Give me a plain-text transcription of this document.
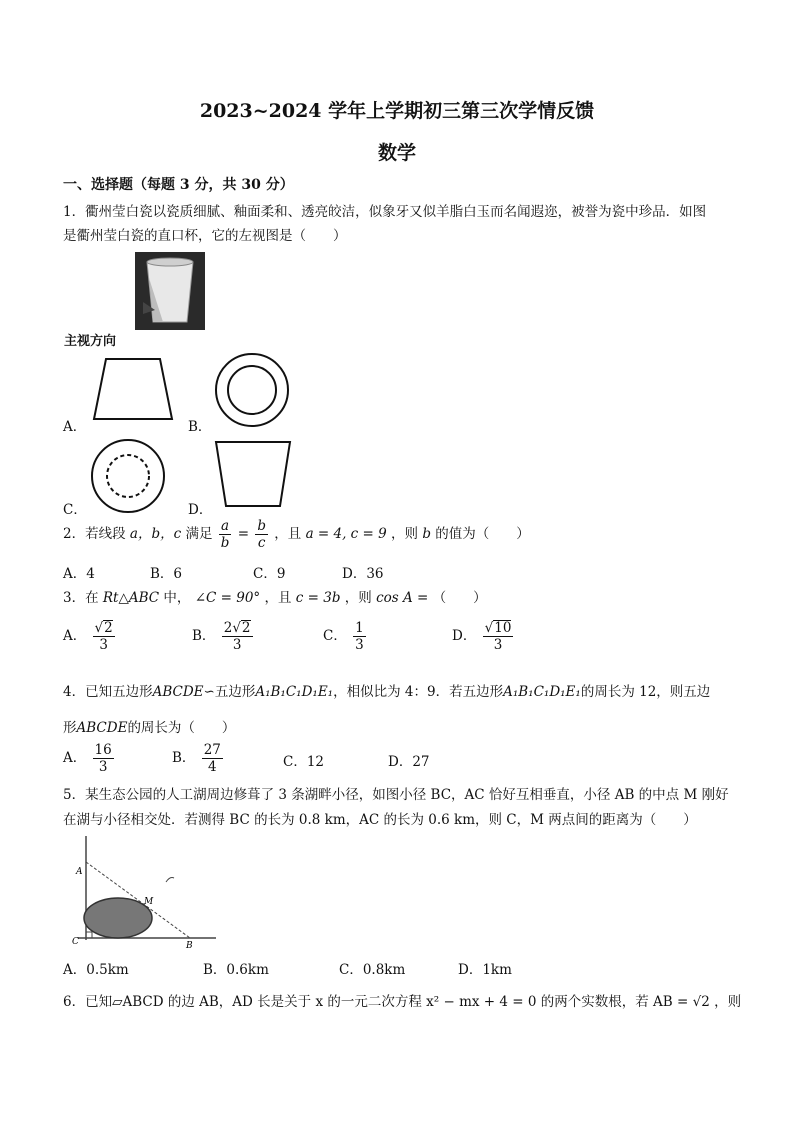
2023~2024 学年上学期初三第三次学情反馈
数学
一、选择题（每题 3 分，共 30 分）
1．衢州莹白瓷以瓷质细腻、釉面柔和、透亮皎洁，似象牙又似羊脂白玉而名闻遐迩，被誉为瓷中珍品．如图
是衢州莹白瓷的直口杯，它的左视图是（　　）
主视方向
A．	B．
C．	D．
2．若线段 a，b，c 满足 $\frac{a}{b} = \frac{b}{c}$ ，且 a = 4, c = 9 ，则 b 的值为（　　）
A．4	B．6	C．9	D．36
3．在 Rt△ABC 中， ∠C = 90° ，且 c = 3b ，则 cos A = （　　）
A． $\frac{√2}{3}$	B． $\frac{2√2}{3}$	C． $\frac{1}{3}$	D． $\frac{√10}{3}$
4．已知五边形ABCDE∽五边形A₁B₁C₁D₁E₁，相似比为 4：9．若五边形A₁B₁C₁D₁E₁的周长为 12，则五边
形ABCDE的周长为（　　）
A． $\frac{16}{3}$	B． $\frac{27}{4}$	C．12	D．27
5．某生态公园的人工湖周边修葺了 3 条湖畔小径，如图小径 BC，AC 恰好互相垂直，小径 AB 的中点 M 刚好
在湖与小径相交处．若测得 BC 的长为 0.8 km，AC 的长为 0.6 km，则 C，M 两点间的距离为（　　）
A
M
C	B
A．0.5km	B．0.6km	C．0.8km	D．1km
6．已知▱ABCD 的边 AB，AD 长是关于 x 的一元二次方程 x² − mx + 4 = 0 的两个实数根，若 AB = √2 ，则
